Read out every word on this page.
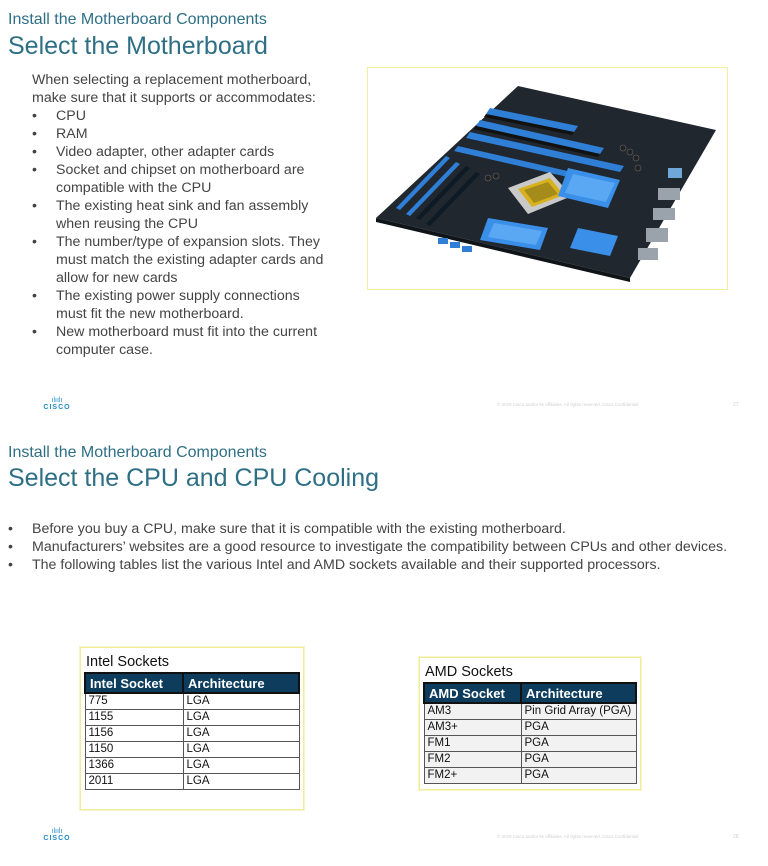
Install the Motherboard Components
Select the Motherboard
When selecting a replacement motherboard, make sure that it supports or accommodates:
• CPU
• RAM
• Video adapter, other adapter cards
• Socket and chipset on motherboard are compatible with the CPU
• The existing heat sink and fan assembly when reusing the CPU
• The number/type of expansion slots. They must match the existing adapter cards and allow for new cards
• The existing power supply connections must fit the new motherboard.
• New motherboard must fit into the current computer case.
ılıılı
CISCO	© 2016 Cisco and/or its affiliates. All rights reserved. Cisco Confidential	27
Install the Motherboard Components
Select the CPU and CPU Cooling
• Before you buy a CPU, make sure that it is compatible with the existing motherboard.
• Manufacturers’ websites are a good resource to investigate the compatibility between CPUs and other devices.
• The following tables list the various Intel and AMD sockets available and their supported processors.
Intel Sockets
Intel Socket	Architecture
775	LGA
1155	LGA
1156	LGA
1150	LGA
1366	LGA
2011	LGA
AMD Sockets
AMD Socket	Architecture
AM3	Pin Grid Array (PGA)
AM3+	PGA
FM1	PGA
FM2	PGA
FM2+	PGA
ılıılı
CISCO	© 2016 Cisco and/or its affiliates. All rights reserved. Cisco Confidential	28
